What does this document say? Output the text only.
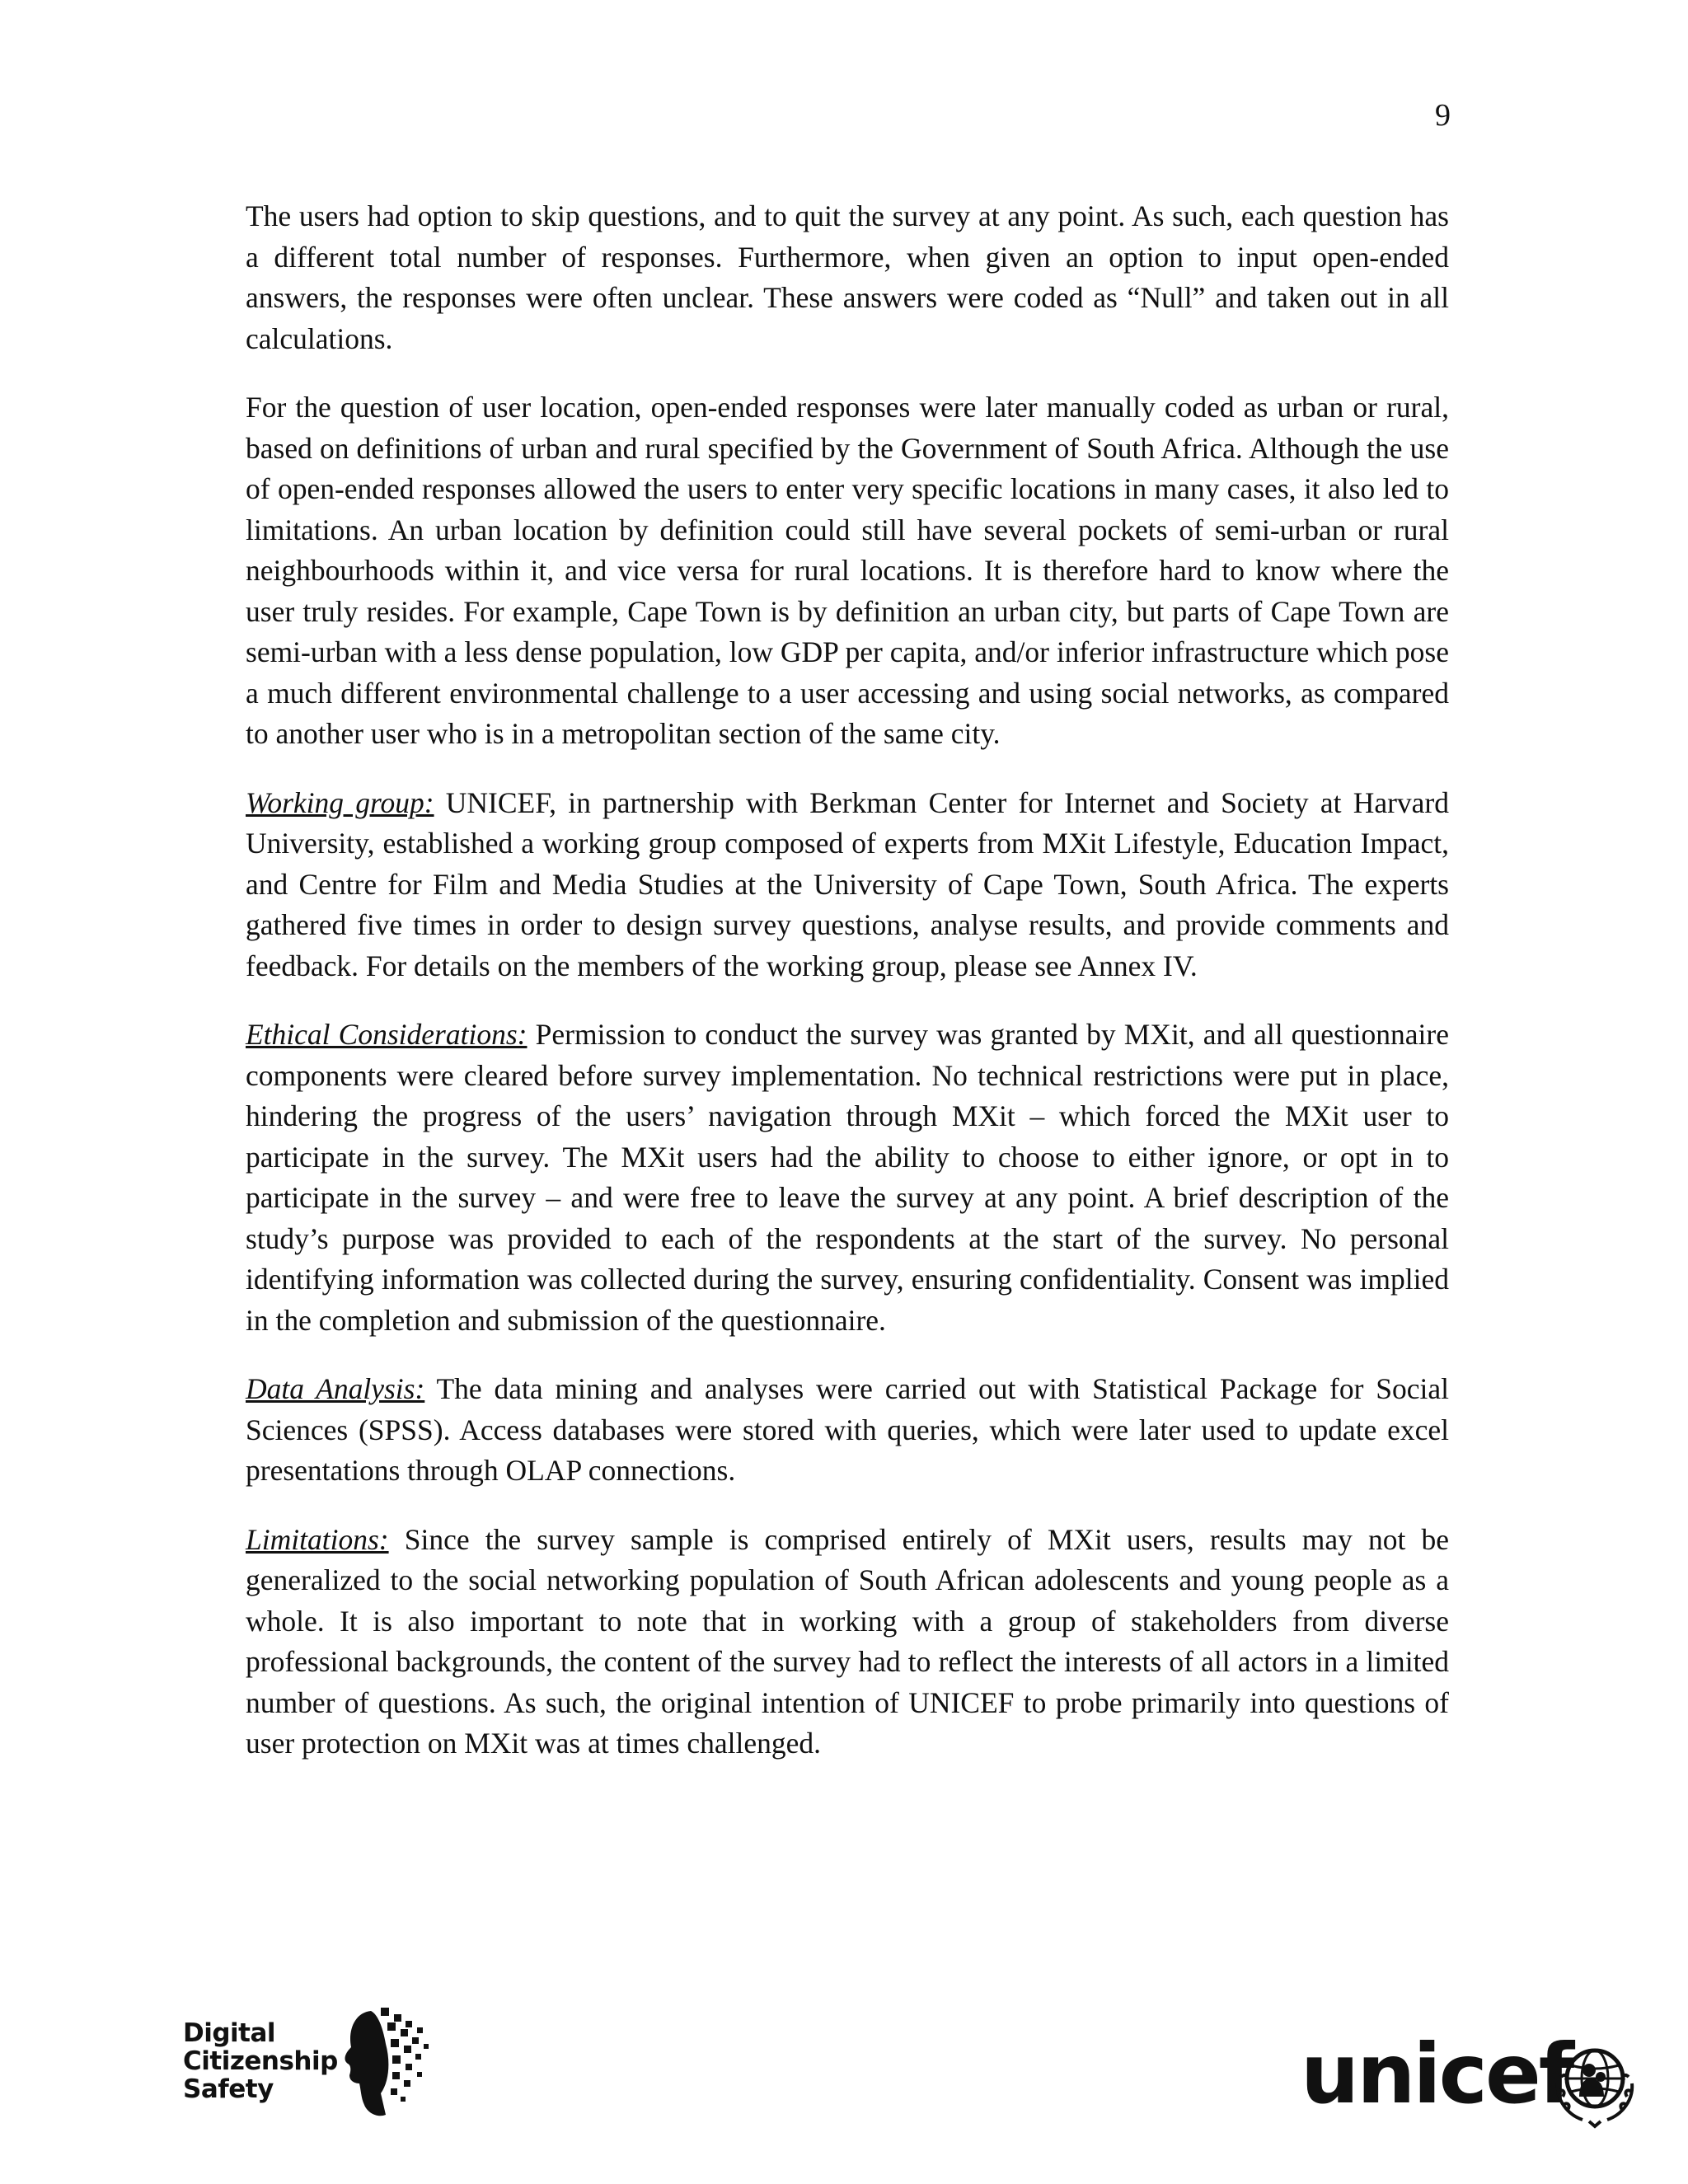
9

The users had option to skip questions, and to quit the survey at any point. As such, each question has a different total number of responses. Furthermore, when given an option to input open-ended answers, the responses were often unclear. These answers were coded as “Null” and taken out in all calculations.

For the question of user location, open-ended responses were later manually coded as urban or rural, based on definitions of urban and rural specified by the Government of South Africa. Although the use of open-ended responses allowed the users to enter very specific locations in many cases, it also led to limitations. An urban location by definition could still have several pockets of semi-urban or rural neighbourhoods within it, and vice versa for rural locations. It is therefore hard to know where the user truly resides. For example, Cape Town is by definition an urban city, but parts of Cape Town are semi-urban with a less dense population, low GDP per capita, and/or inferior infrastructure which pose a much different environmental challenge to a user accessing and using social networks, as compared to another user who is in a metropolitan section of the same city.

Working group: UNICEF, in partnership with Berkman Center for Internet and Society at Harvard University, established a working group composed of experts from MXit Lifestyle, Education Impact, and Centre for Film and Media Studies at the University of Cape Town, South Africa. The experts gathered five times in order to design survey questions, analyse results, and provide comments and feedback. For details on the members of the working group, please see Annex IV.

Ethical Considerations: Permission to conduct the survey was granted by MXit, and all questionnaire components were cleared before survey implementation. No technical restrictions were put in place, hindering the progress of the users’ navigation through MXit – which forced the MXit user to participate in the survey. The MXit users had the ability to choose to either ignore, or opt in to participate in the survey – and were free to leave the survey at any point. A brief description of the study’s purpose was provided to each of the respondents at the start of the survey. No personal identifying information was collected during the survey, ensuring confidentiality. Consent was implied in the completion and submission of the questionnaire.

Data Analysis: The data mining and analyses were carried out with Statistical Package for Social Sciences (SPSS). Access databases were stored with queries, which were later used to update excel presentations through OLAP connections.

Limitations: Since the survey sample is comprised entirely of MXit users, results may not be generalized to the social networking population of South African adolescents and young people as a whole. It is also important to note that in working with a group of stakeholders from diverse professional backgrounds, the content of the survey had to reflect the interests of all actors in a limited number of questions. As such, the original intention of UNICEF to probe primarily into questions of user protection on MXit was at times challenged.

Digital
Citizenship
Safety	unicef
